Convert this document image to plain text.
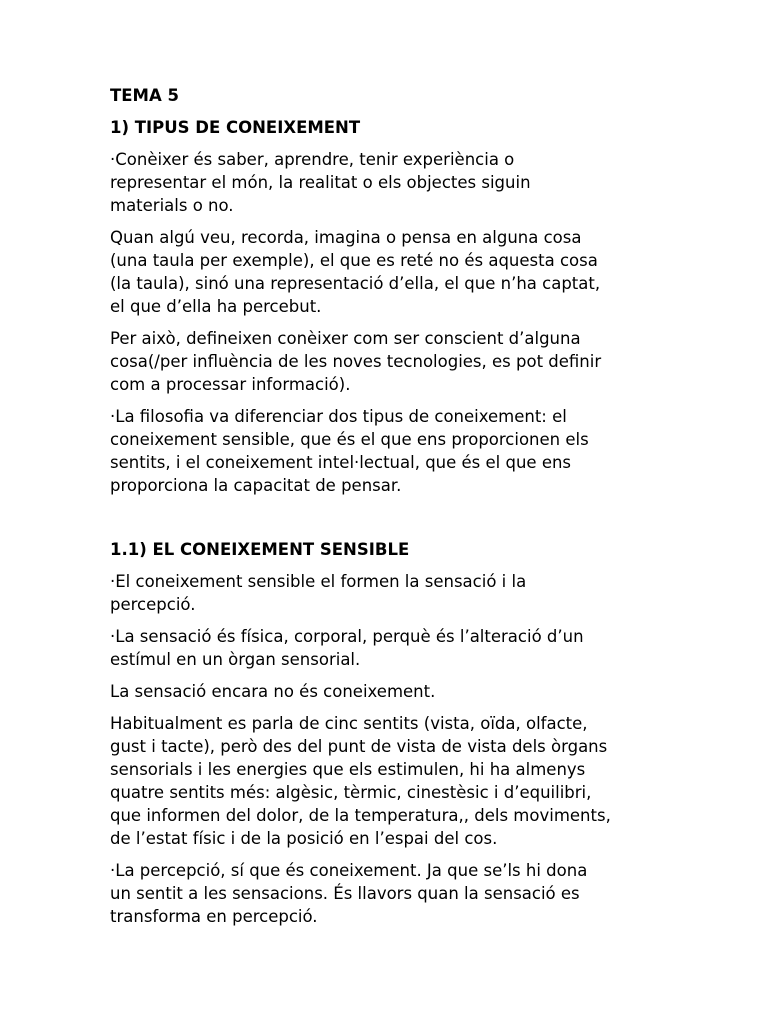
TEMA 5
1) TIPUS DE CONEIXEMENT
·Conèixer és saber, aprendre, tenir experiència o
representar el món, la realitat o els objectes siguin
materials o no.
Quan algú veu, recorda, imagina o pensa en alguna cosa
(una taula per exemple), el que es reté no és aquesta cosa
(la taula), sinó una representació d’ella, el que n’ha captat,
el que d’ella ha percebut.
Per això, defineixen conèixer com ser conscient d’alguna
cosa(/per influència de les noves tecnologies, es pot definir
com a processar informació).
·La filosofia va diferenciar dos tipus de coneixement: el
coneixement sensible, que és el que ens proporcionen els
sentits, i el coneixement intel·lectual, que és el que ens
proporciona la capacitat de pensar.
1.1) EL CONEIXEMENT SENSIBLE
·El coneixement sensible el formen la sensació i la
percepció.
·La sensació és física, corporal, perquè és l’alteració d’un
estímul en un òrgan sensorial.
La sensació encara no és coneixement.
Habitualment es parla de cinc sentits (vista, oïda, olfacte,
gust i tacte), però des del punt de vista de vista dels òrgans
sensorials i les energies que els estimulen, hi ha almenys
quatre sentits més: algèsic, tèrmic, cinestèsic i d’equilibri,
que informen del dolor, de la temperatura,, dels moviments,
de l’estat físic i de la posició en l’espai del cos.
·La percepció, sí que és coneixement. Ja que se’ls hi dona
un sentit a les sensacions. És llavors quan la sensació es
transforma en percepció.
